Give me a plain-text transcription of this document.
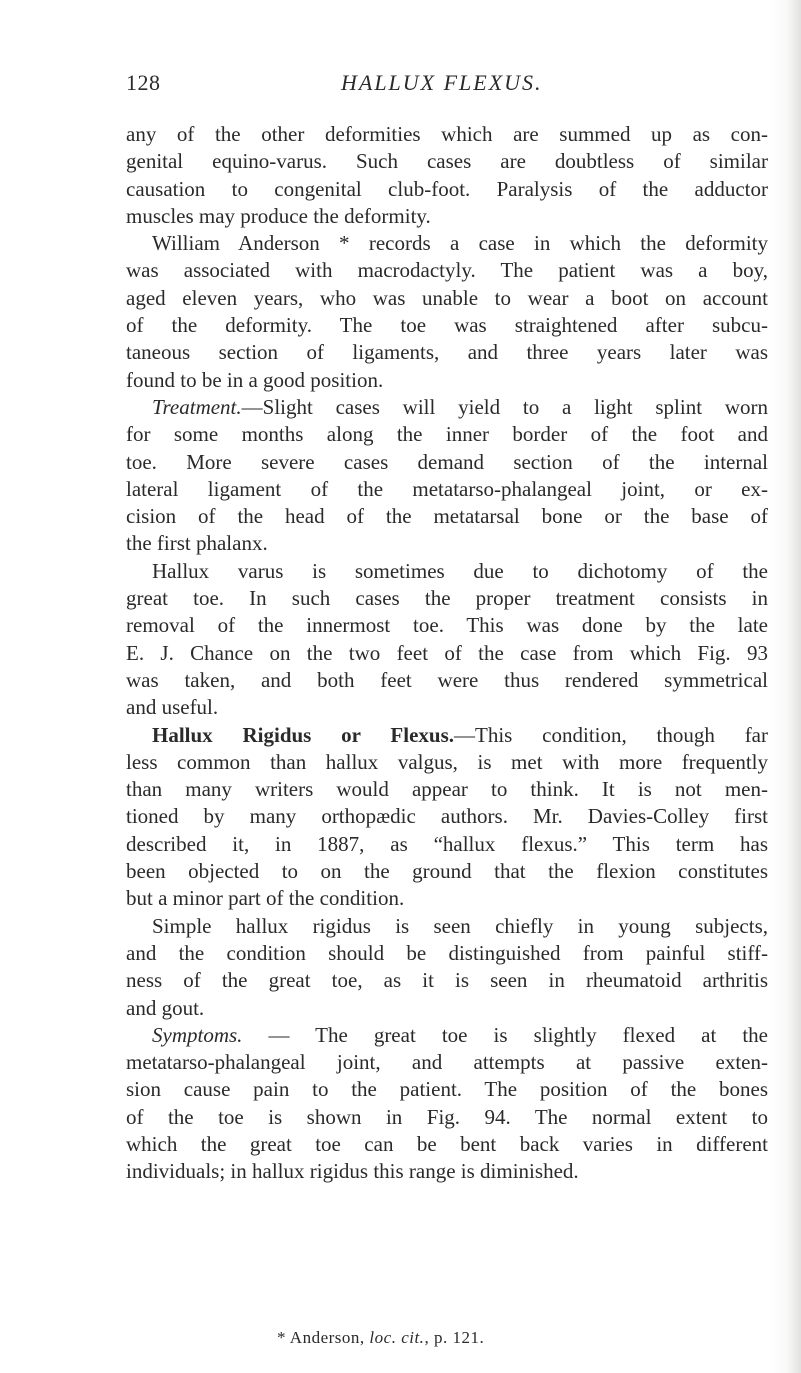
128	HALLUX FLEXUS.
any of the other deformities which are summed up as con-
genital equino-varus. Such cases are doubtless of similar
causation to congenital club-foot. Paralysis of the adductor
muscles may produce the deformity.
William Anderson * records a case in which the deformity
was associated with macrodactyly. The patient was a boy,
aged eleven years, who was unable to wear a boot on account
of the deformity. The toe was straightened after subcu-
taneous section of ligaments, and three years later was
found to be in a good position.
Treatment.—Slight cases will yield to a light splint worn
for some months along the inner border of the foot and
toe. More severe cases demand section of the internal
lateral ligament of the metatarso-phalangeal joint, or ex-
cision of the head of the metatarsal bone or the base of
the first phalanx.
Hallux varus is sometimes due to dichotomy of the
great toe. In such cases the proper treatment consists in
removal of the innermost toe. This was done by the late
E. J. Chance on the two feet of the case from which Fig. 93
was taken, and both feet were thus rendered symmetrical
and useful.
Hallux Rigidus or Flexus.—This condition, though far
less common than hallux valgus, is met with more frequently
than many writers would appear to think. It is not men-
tioned by many orthopædic authors. Mr. Davies-Colley first
described it, in 1887, as “hallux flexus.” This term has
been objected to on the ground that the flexion constitutes
but a minor part of the condition.
Simple hallux rigidus is seen chiefly in young subjects,
and the condition should be distinguished from painful stiff-
ness of the great toe, as it is seen in rheumatoid arthritis
and gout.
Symptoms. — The great toe is slightly flexed at the
metatarso-phalangeal joint, and attempts at passive exten-
sion cause pain to the patient. The position of the bones
of the toe is shown in Fig. 94. The normal extent to
which the great toe can be bent back varies in different
individuals; in hallux rigidus this range is diminished.
* Anderson, loc. cit., p. 121.
